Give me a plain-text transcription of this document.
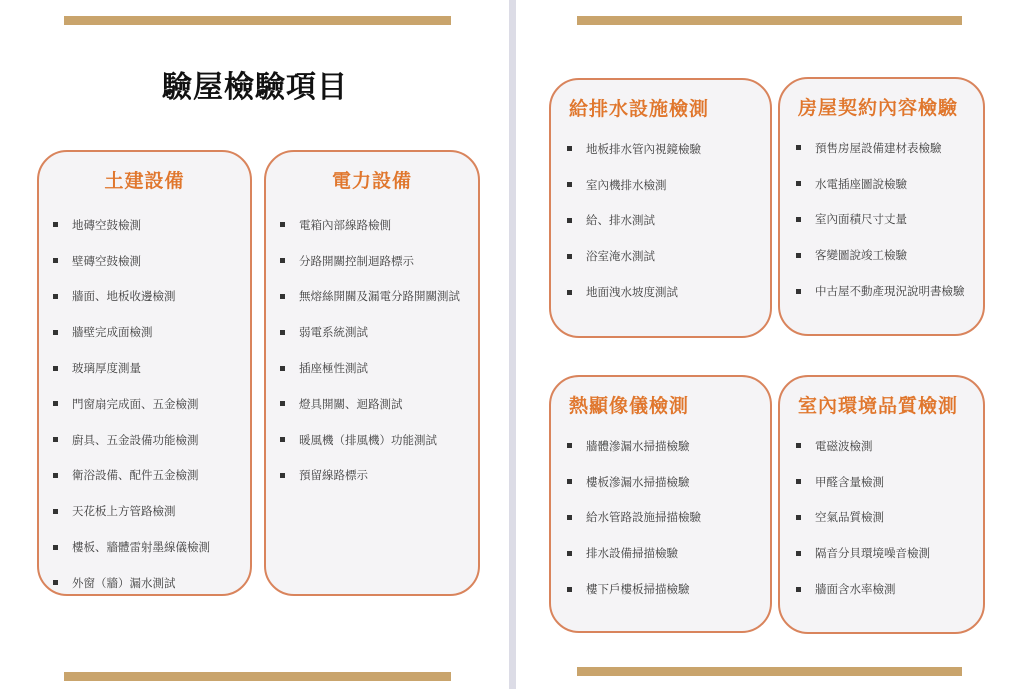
驗屋檢驗項目
土建設備
地磚空鼓檢測
壁磚空鼓檢測
牆面、地板收邊檢測
牆壁完成面檢測
玻璃厚度測量
門窗扇完成面、五金檢測
廚具、五金設備功能檢測
衛浴設備、配件五金檢測
天花板上方管路檢測
樓板、牆體雷射墨線儀檢測
外窗（牆）漏水測試
電力設備
電箱內部線路檢側
分路開關控制迴路標示
無熔絲開關及漏電分路開關測試
弱電系統測試
插座極性測試
燈具開關、迴路測試
暖風機（排風機）功能測試
預留線路標示
給排水設施檢測
地板排水管內視鏡檢驗
室內機排水檢測
給、排水測試
浴室淹水測試
地面洩水坡度測試
房屋契約內容檢驗
預售房屋設備建材表檢驗
水電插座圖說檢驗
室內面積尺寸丈量
客變圖說竣工檢驗
中古屋不動產現況說明書檢驗
熱顯像儀檢測
牆體滲漏水掃描檢驗
樓板滲漏水掃描檢驗
給水管路設施掃描檢驗
排水設備掃描檢驗
樓下戶樓板掃描檢驗
室內環境品質檢測
電磁波檢測
甲醛含量檢測
空氣品質檢測
隔音分貝環境噪音檢測
牆面含水率檢測
